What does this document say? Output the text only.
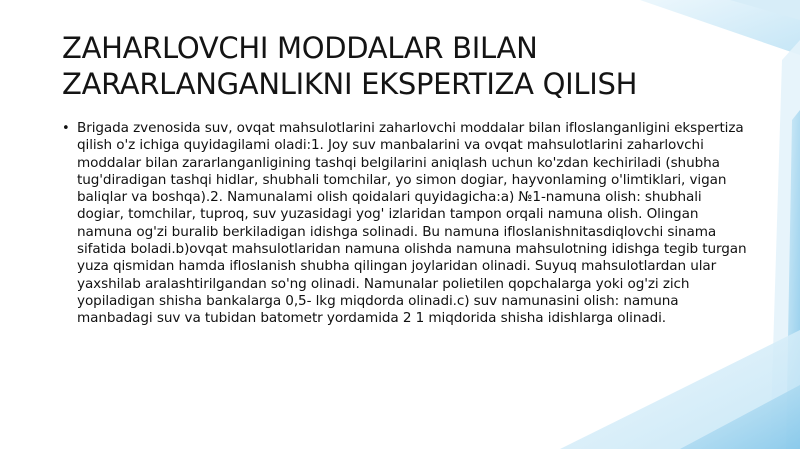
ZAHARLOVCHI MODDALAR BILAN
ZARARLANGANLIKNI EKSPERTIZA QILISH
• Brigada zvenosida suv, ovqat mahsulotlarini zaharlovchi moddalar bilan ifloslanganligini ekspertiza qilish o'z ichiga quyidagilami oladi:1. Joy suv manbalarini va ovqat mahsulotlarini zaharlovchi moddalar bilan zararlanganligining tashqi belgilarini aniqlash uchun ko'zdan kechiriladi (shubha tug'diradigan tashqi hidlar, shubhali tomchilar, yo simon dogiar, hayvonlaming o'limtiklari, vigan baliqlar va boshqa).2. Namunalami olish qoidalari quyidagicha:a) №1-namuna olish: shubhali dogiar, tomchilar, tuproq, suv yuzasidagi yog' izlaridan tampon orqali namuna olish. Olingan namuna og'zi buralib berkiladigan idishga solinadi. Bu namuna ifloslanishnitasdiqlovchi sinama sifatida boladi.b)ovqat mahsulotlaridan namuna olishda namuna mahsulotning idishga tegib turgan yuza qismidan hamda ifloslanish shubha qilingan joylaridan olinadi. Suyuq mahsulotlardan ular yaxshilab aralashtirilgandan so'ng olinadi. Namunalar polietilen qopchalarga yoki og'zi zich yopiladigan shisha bankalarga 0,5- lkg miqdorda olinadi.c) suv namunasini olish: namuna manbadagi suv va tubidan batometr yordamida 2 1 miqdorida shisha idishlarga olinadi.
